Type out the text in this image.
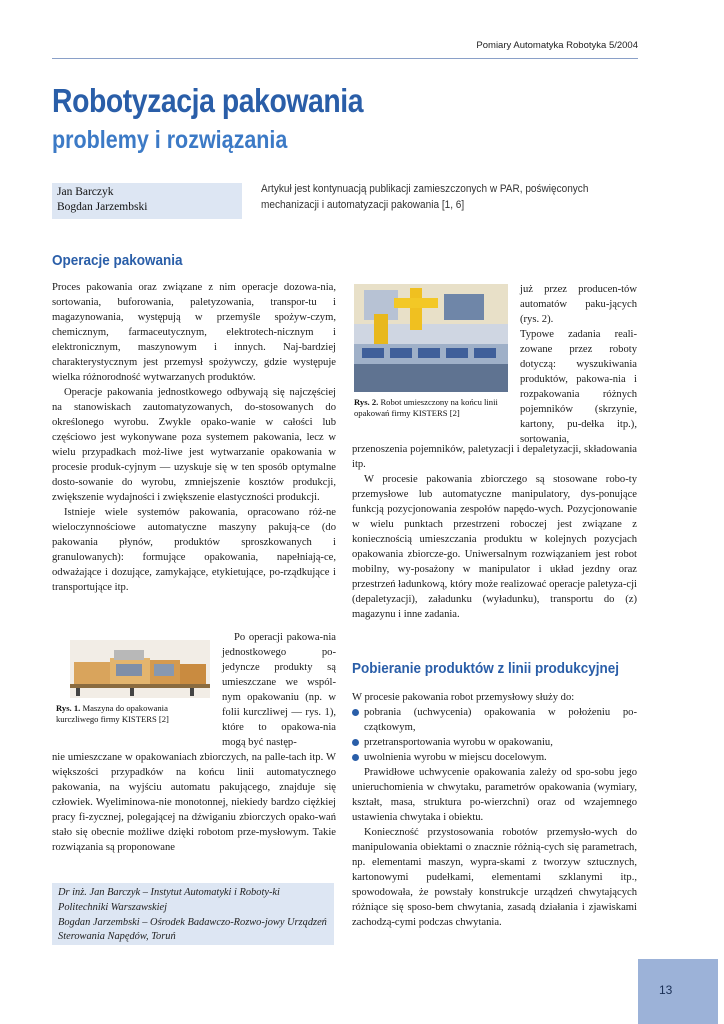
Pomiary Automatyka Robotyka 5/2004
Robotyzacja pakowania
problemy i rozwiązania
Jan Barczyk
Bogdan Jarzembski
Artykuł jest kontynuacją publikacji zamieszczonych w PAR, poświęconych mechanizacji i automatyzacji pakowania [1, 6]
Operacje pakowania

Proces pakowania oraz związane z nim operacje dozowa-nia, sortowania, buforowania, paletyzowania, transpor-tu i magazynowania, występują w przemyśle spożyw-czym, chemicznym, farmaceutycznym, elektrotech-nicznym i elektronicznym, maszynowym i innych. Naj-bardziej charakterystycznym jest przemysł spożywczy, gdzie występuje wielka różnorodność wytwarzanych produktów.

Operacje pakowania jednostkowego odbywają się najczęściej na stanowiskach zautomatyzowanych, do-stosowanych do określonego wyrobu. Zwykle opako-wanie w całości lub częściowo jest wykonywane poza systemem pakowania, lecz w wielu przypadkach moż-liwe jest wytwarzanie opakowania w procesie produk-cyjnym — uzyskuje się w ten sposób optymalne dosto-sowanie do wyrobu, zmniejszenie kosztów produkcji, zwiększenie wydajności i zwiększenie elastyczności produkcji.

Istnieje wiele systemów pakowania, opracowano róż-ne wieloczynnościowe automatyczne maszyny pakują-ce (do pakowania płynów, produktów sproszkowanych i granulowanych): formujące opakowania, napełniają-ce, odważające i dozujące, zamykające, etykietujące, po-rządkujące i transportujące itp.

Rys. 1. Maszyna do opakowania kurczliwego firmy KISTERS [2]

Po operacji pakowa-nia jednostkowego po-jedyncze produkty są umieszczane we wspól-nym opakowaniu (np. w folii kurczliwej — rys. 1), które to opakowa-nia mogą być następ-

nie umieszczane w opakowaniach zbiorczych, na palle-tach itp. W większości przypadków na końcu linii automatycznego pakowania, na wyjściu automatu pakującego, znajduje się człowiek. Wyeliminowa-nie monotonnej, niekiedy bardzo ciężkiej pracy fi-zycznej, polegającej na dźwiganiu zbiorczych opako-wań stało się obecnie możliwe dzięki robotom prze-mysłowym. Takie rozwiązania są proponowane

Dr inż. Jan Barczyk – Instytut Automatyki i Roboty-ki Politechniki Warszawskiej
Bogdan Jarzembski – Ośrodek Badawczo-Rozwo-jowy Urządzeń Sterowania Napędów, Toruń
Rys. 2. Robot umieszczony na końcu linii opakowań firmy KISTERS [2]

już przez producen-tów automatów paku-jących (rys. 2).

Typowe zadania reali-zowane przez roboty dotyczą: wyszukiwania produktów, pakowa-nia i rozpakowania różnych pojemników (skrzynie, kartony, pu-dełka itp.), sortowania,

przenoszenia pojemników, paletyzacji i depaletyzacji, składowania itp.

W procesie pakowania zbiorczego są stosowane robo-ty przemysłowe lub automatyczne manipulatory, dys-ponujące funkcją pozycjonowania zespołów napędo-wych. Pozycjonowanie w wielu punktach przestrzeni roboczej jest związane z koniecznością umieszczania produktu w kolejnych pozycjach opakowania zbiorcze-go. Uniwersalnym rozwiązaniem jest robot mobilny, wy-posażony w manipulator i układ jezdny oraz przestrzeń ładunkową, który może realizować operacje paletyza-cji (depaletyzacji), załadunku (wyładunku), transportu do (z) magazynu i inne zadania.

Pobieranie produktów z linii produkcyjnej

W procesie pakowania robot przemysłowy służy do:

pobrania (uchwycenia) opakowania w położeniu po-czątkowym,
przetransportowania wyrobu w opakowaniu,
uwolnienia wyrobu w miejscu docelowym.

Prawidłowe uchwycenie opakowania zależy od spo-sobu jego unieruchomienia w chwytaku, parametrów opakowania (wymiary, kształt, masa, struktura po-wierzchni) oraz od wzajemnego ustawienia chwytaka i obiektu.

Konieczność przystosowania robotów przemysło-wych do manipulowania obiektami o znacznie różnią-cych się parametrach, np. elementami maszyn, wypra-skami z tworzyw sztucznych, kartonowymi pudełkami, elementami szklanymi itp., spowodowała, że powstały konstrukcje urządzeń chwytających różniące się sposo-bem chwytania, zasadą działania i zjawiskami zachodzą-cymi podczas chwytania.

13
